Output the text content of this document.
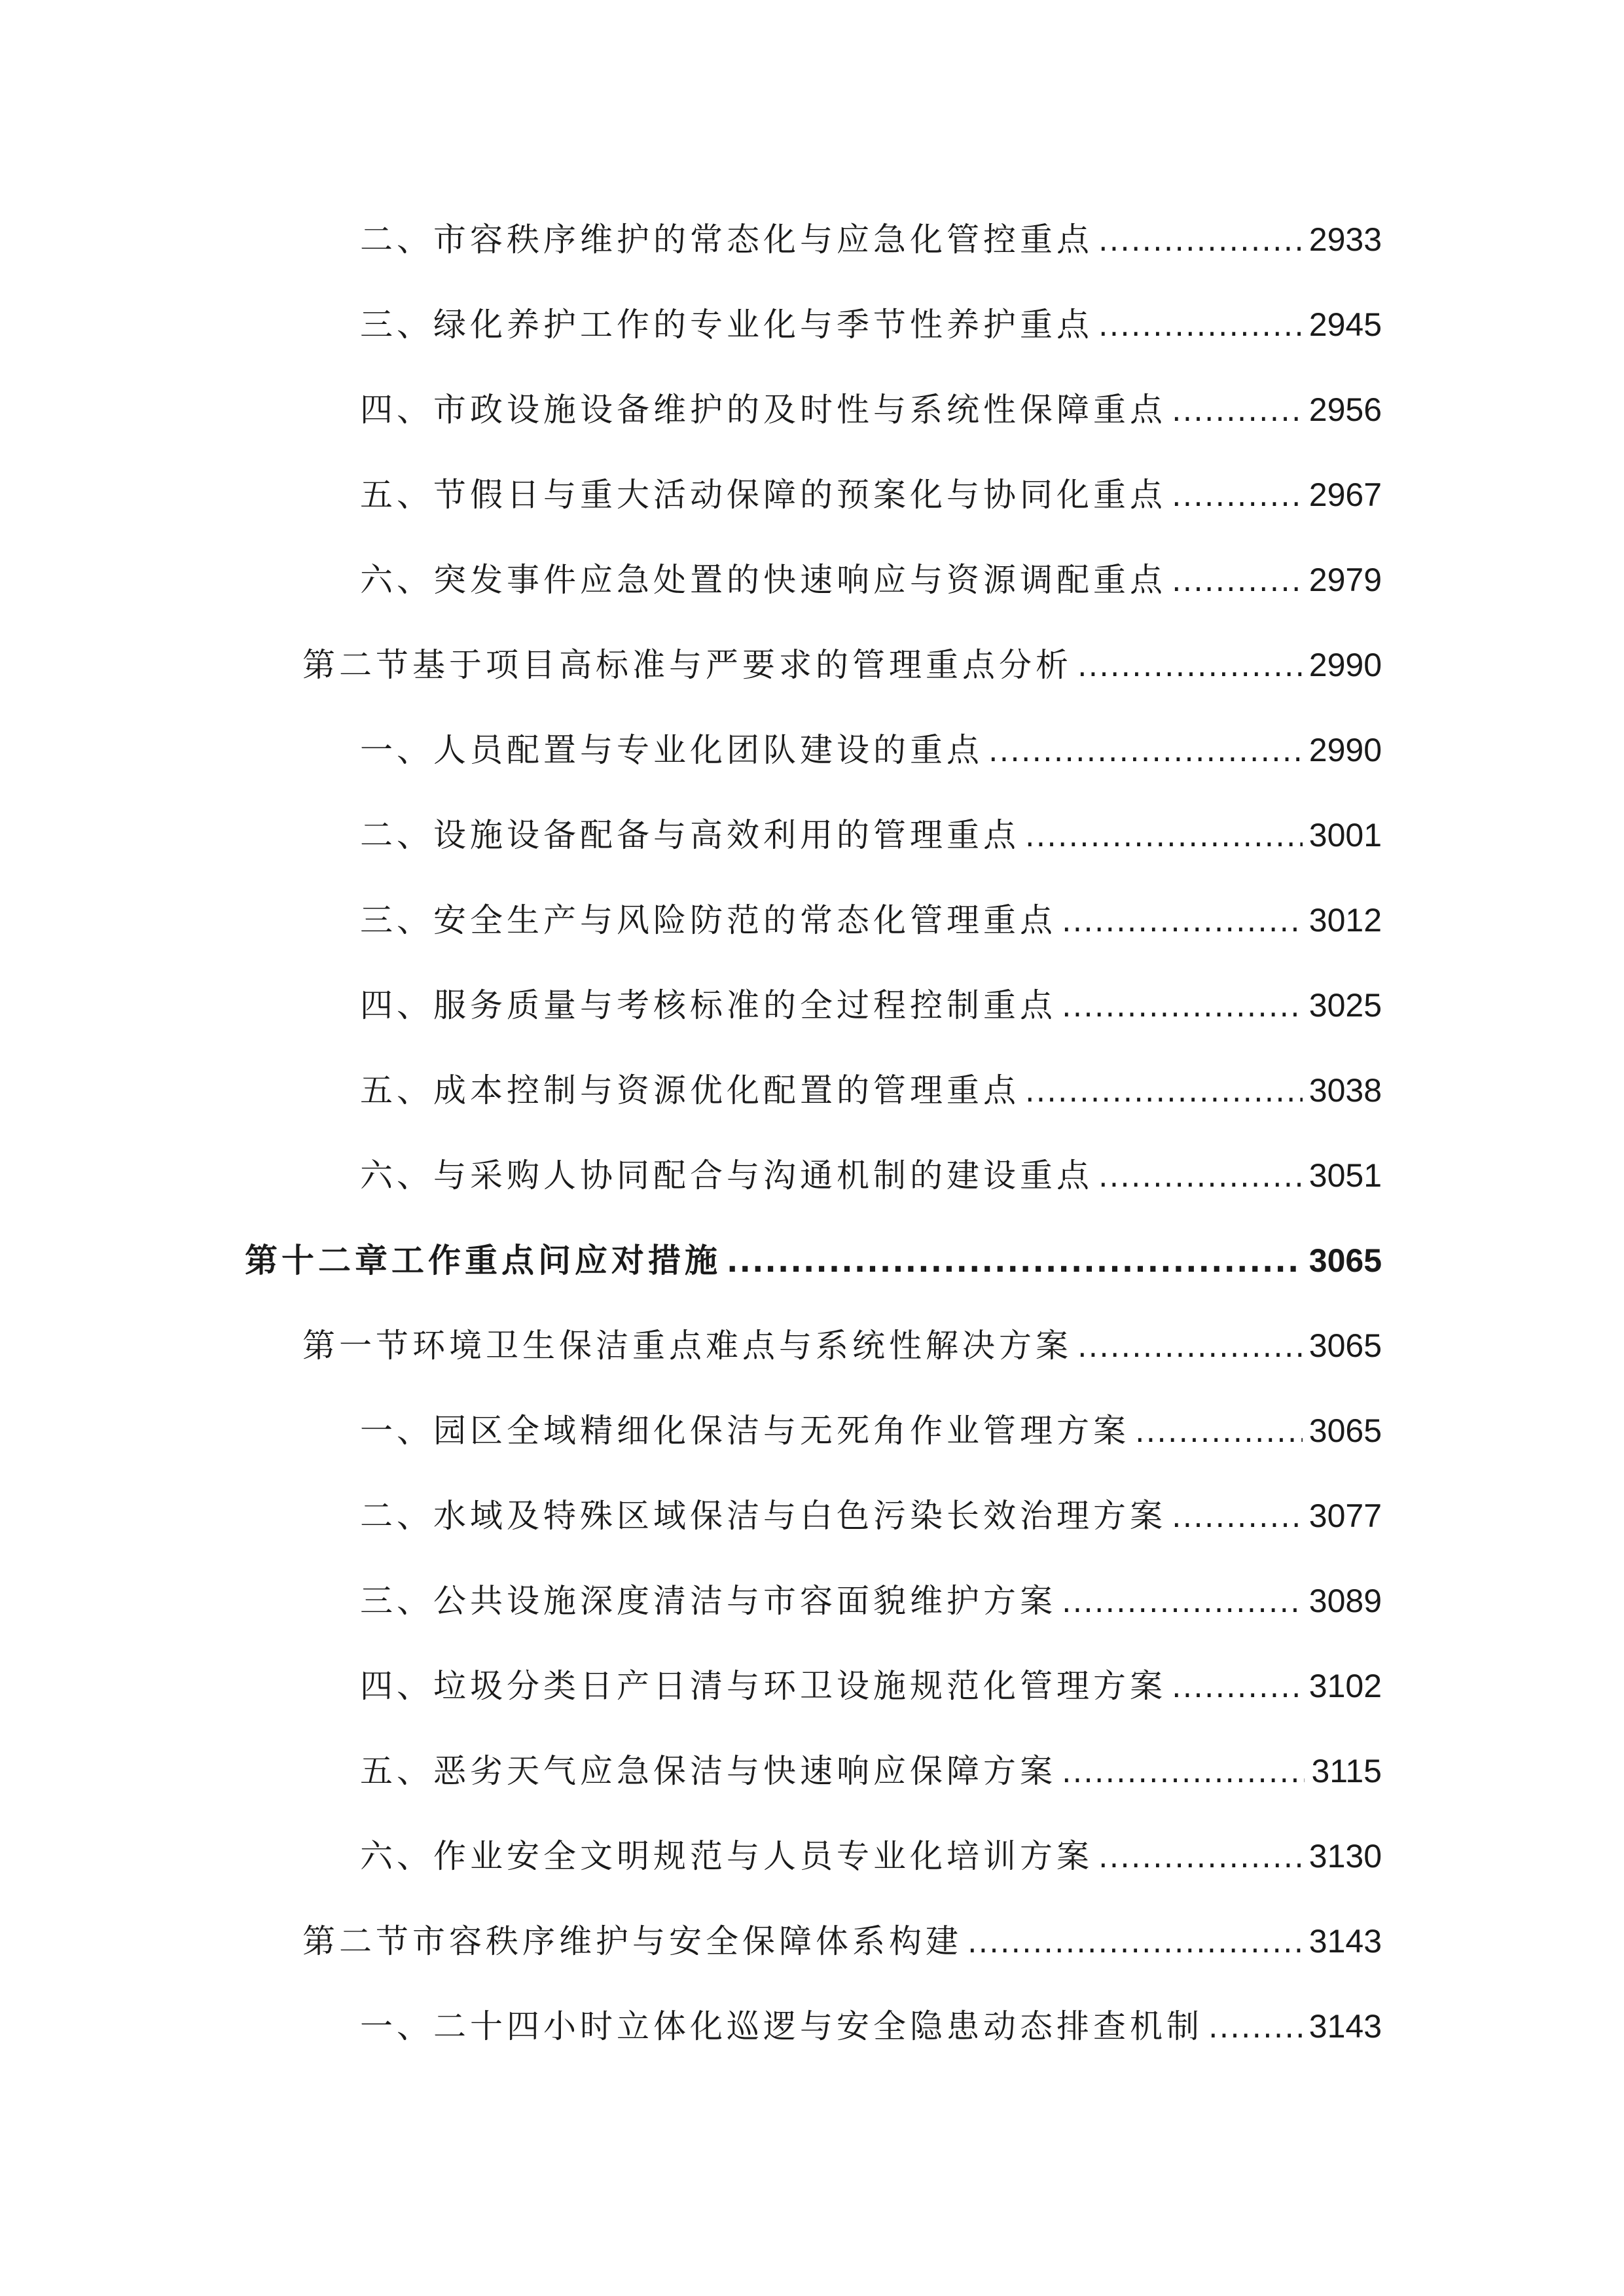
二、市容秩序维护的常态化与应急化管控重点 .....	2933
三、绿化养护工作的专业化与季节性养护重点 .....	2945
四、市政设施设备维护的及时性与系统性保障重点 .....	2956
五、节假日与重大活动保障的预案化与协同化重点 .....	2967
六、突发事件应急处置的快速响应与资源调配重点 .....	2979
第二节基于项目高标准与严要求的管理重点分析 .....	2990
一、人员配置与专业化团队建设的重点 .....	2990
二、设施设备配备与高效利用的管理重点 .....	3001
三、安全生产与风险防范的常态化管理重点 .....	3012
四、服务质量与考核标准的全过程控制重点 .....	3025
五、成本控制与资源优化配置的管理重点 .....	3038
六、与采购人协同配合与沟通机制的建设重点 .....	3051
第十二章工作重点问应对措施 .....	3065
第一节环境卫生保洁重点难点与系统性解决方案 .....	3065
一、园区全域精细化保洁与无死角作业管理方案 .....	3065
二、水域及特殊区域保洁与白色污染长效治理方案 .....	3077
三、公共设施深度清洁与市容面貌维护方案 .....	3089
四、垃圾分类日产日清与环卫设施规范化管理方案 .....	3102
五、恶劣天气应急保洁与快速响应保障方案 .....	3115
六、作业安全文明规范与人员专业化培训方案 .....	3130
第二节市容秩序维护与安全保障体系构建 .....	3143
一、二十四小时立体化巡逻与安全隐患动态排查机制 .....	3143
